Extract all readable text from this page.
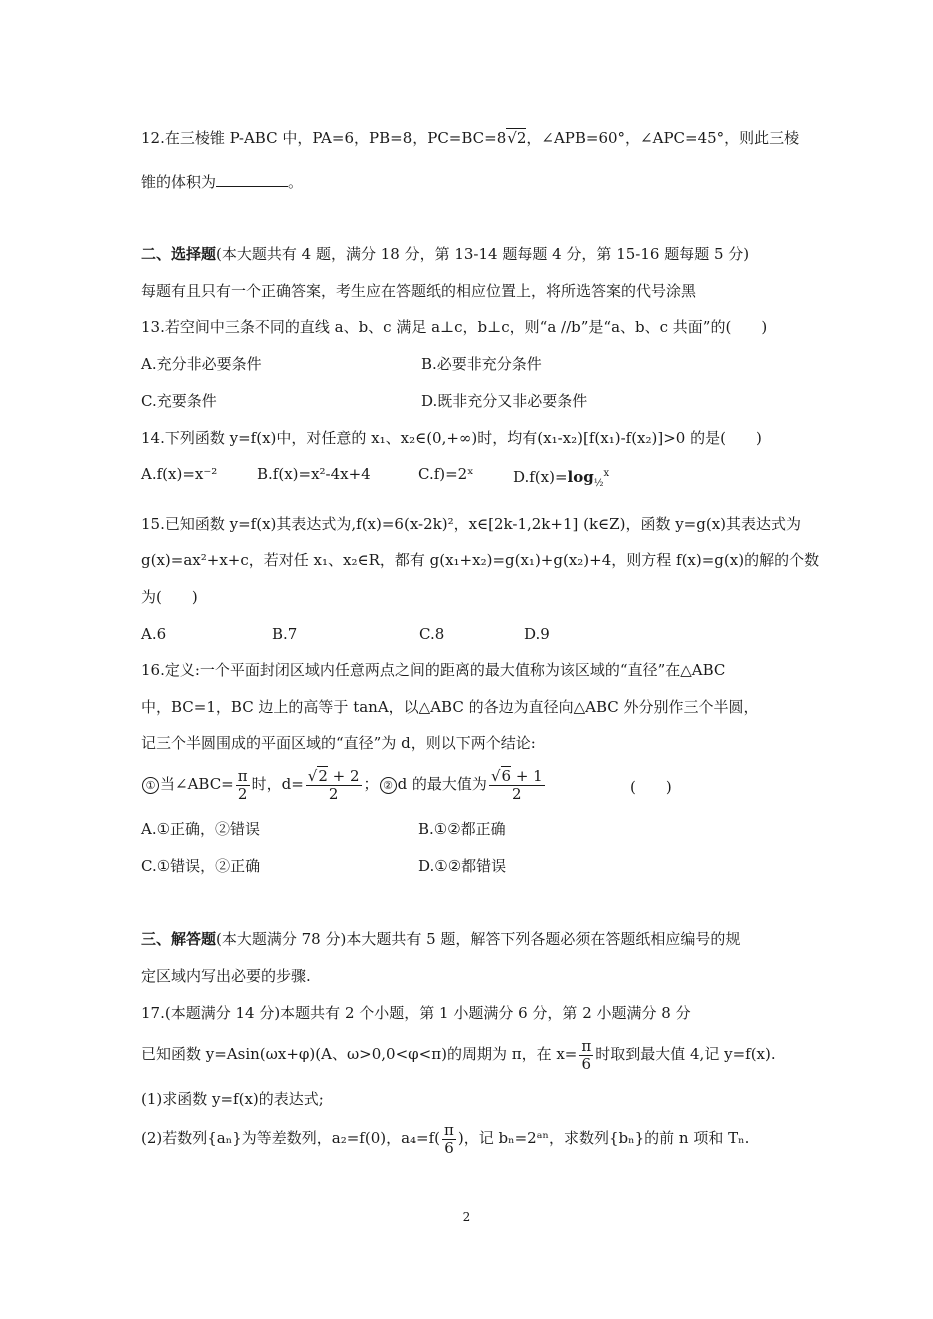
12.在三棱锥 P-ABC 中，PA=6，PB=8，PC=BC=8√2，∠APB=60°，∠APC=45°，则此三棱
锥的体积为	。
二、选择题(本大题共有 4 题，满分 18 分，第 13-14 题每题 4 分，第 15-16 题每题 5 分)
每题有且只有一个正确答案，考生应在答题纸的相应位置上，将所选答案的代号涂黑
13.若空间中三条不同的直线 a、b、c 满足 a⊥c，b⊥c，则“a //b”是“a、b、c 共面”的(　　)
A.充分非必要条件	B.必要非充分条件
C.充要条件	D.既非充分又非必要条件
14.下列函数 y=f(x)中，对任意的 x₁、x₂∈(0,+∞)时，均有(x₁-x₂)[f(x₁)-f(x₂)]>0 的是(　　)
A.f(x)=x⁻²	B.f(x)=x²-4x+4	C.f)=2ˣ	$D.f(x)=\log_{\frac{1}{2}}^x$
15.已知函数 y=f(x)其表达式为,f(x)=6(x-2k)²，x∈[2k-1,2k+1] (k∈Z)，函数 y=g(x)其表达式为
g(x)=ax²+x+c，若对任 x₁、x₂∈R，都有 g(x₁+x₂)=g(x₁)+g(x₂)+4，则方程 f(x)=g(x)的解的个数
为(　　)
A.6	B.7	C.8	D.9
16.定义:一个平面封闭区域内任意两点之间的距离的最大值称为该区域的“直径”在△ABC
中，BC=1，BC 边上的高等于 tanA，以△ABC 的各边为直径向△ABC 外分别作三个半圆，
记三个半圆围成的平面区域的“直径”为 d，则以下两个结论:
① 当∠ABC= $\frac{\pi}{2}$ 时，$d= \frac{√2 + 2}{2}$ ； ② d 的最大值为 $\frac{√6 + 1}{2}$	(　　)
A.①正确，②错误	B.①②都正确
C.①错误，②正确	D.①②都错误
三、解答题(本大题满分 78 分)本大题共有 5 题，解答下列各题必须在答题纸相应编号的规
定区域内写出必要的步骤.
17.(本题满分 14 分)本题共有 2 个小题，第 1 小题满分 6 分，第 2 小题满分 8 分
已知函数 y=Asin(ωx+φ)(A、ω>0,0<φ<π)的周期为 π，在 $x= \frac{\pi}{6}$ 时取到最大值 4,记 y=f(x).
(1)求函数 y=f(x)的表达式;
(2)若数列{aₙ}为等差数列，a₂=f(0)，$a_4=f( \frac{\pi}{6}$ )，记 bₙ=2ᵃⁿ，求数列{bₙ}的前 n 项和 Tₙ.
2
